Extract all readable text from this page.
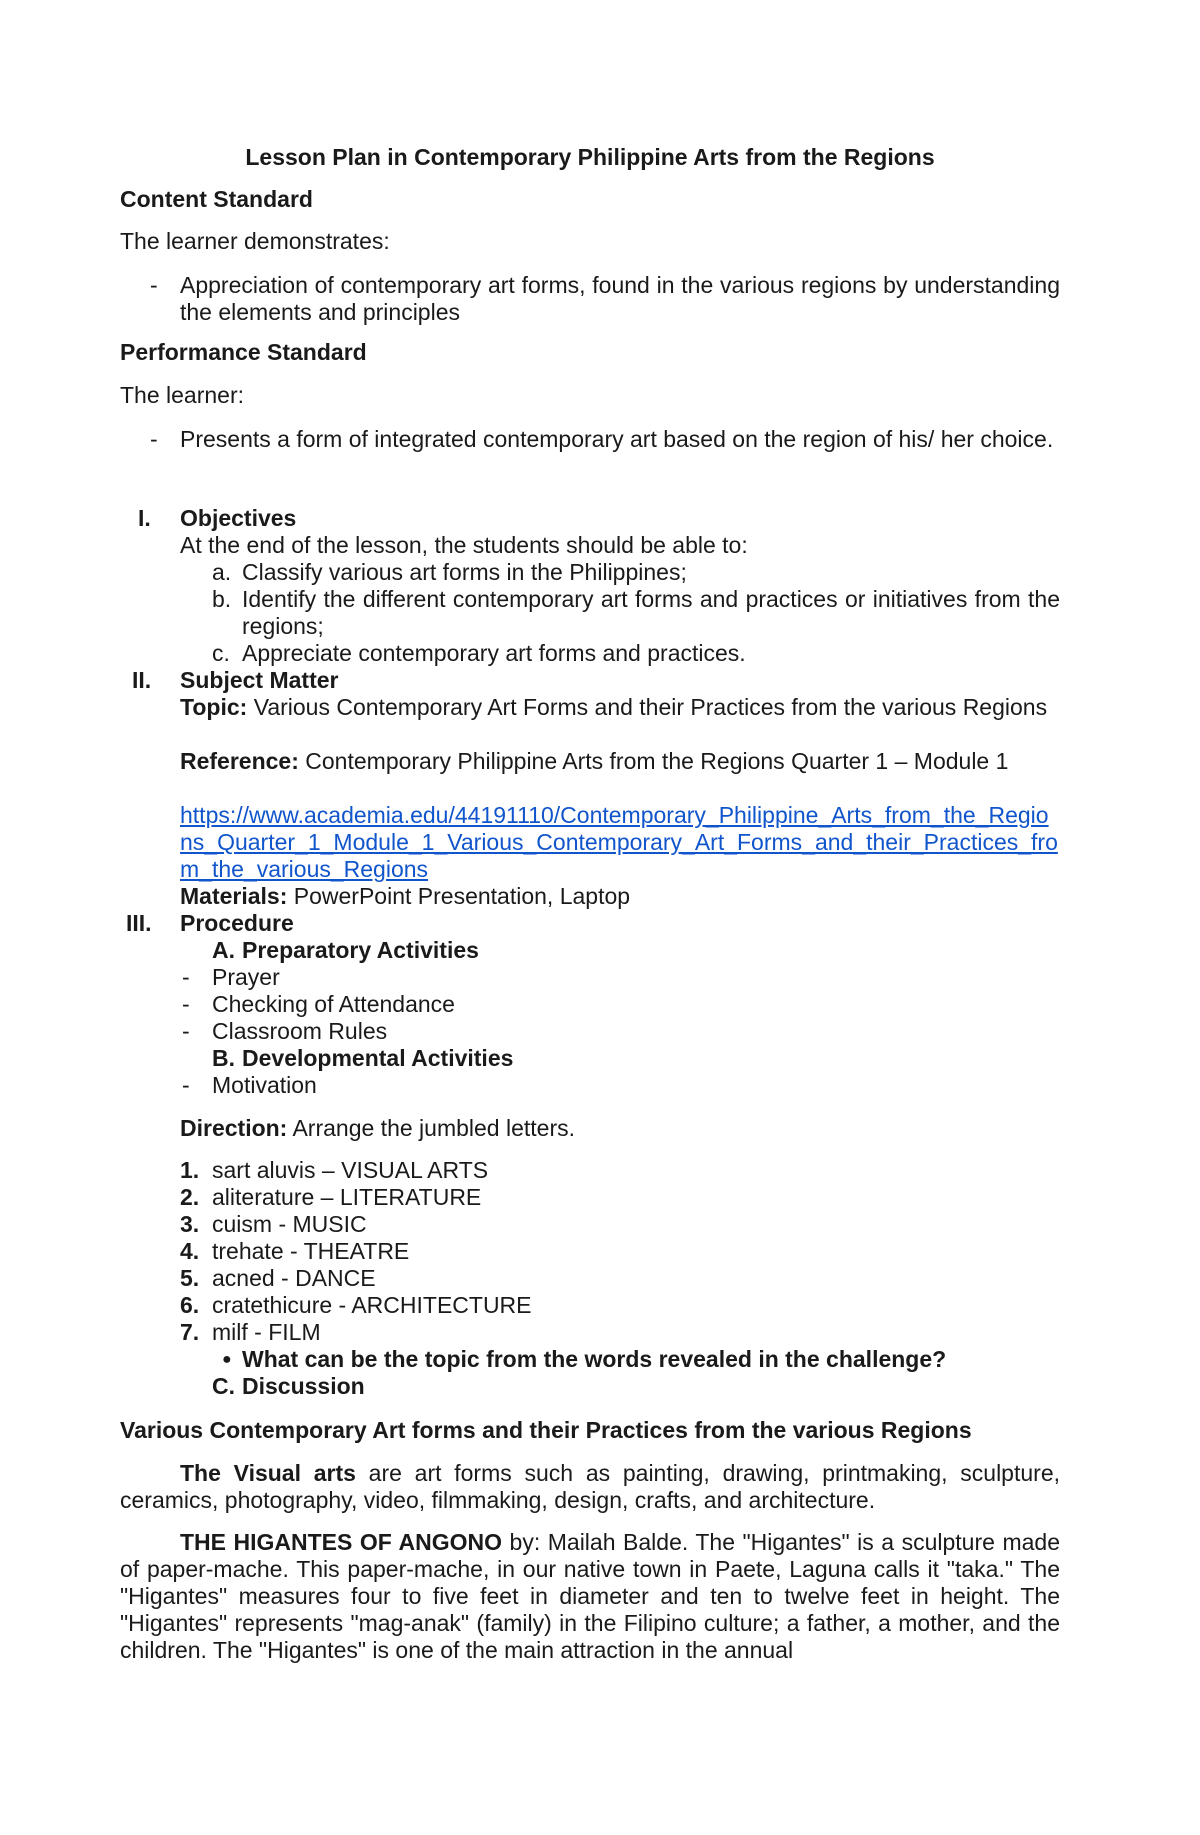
Lesson Plan in Contemporary Philippine Arts from the Regions
Content Standard
The learner demonstrates:
- Appreciation of contemporary art forms, found in the various regions by understanding the elements and principles
Performance Standard
The learner:
- Presents a form of integrated contemporary art based on the region of his/ her choice.
I. Objectives
At the end of the lesson, the students should be able to:
a. Classify various art forms in the Philippines;
b. Identify the different contemporary art forms and practices or initiatives from the regions;
c. Appreciate contemporary art forms and practices.
II. Subject Matter
Topic: Various Contemporary Art Forms and their Practices from the various Regions
Reference: Contemporary Philippine Arts from the Regions Quarter 1 – Module 1
https://www.academia.edu/44191110/Contemporary_Philippine_Arts_from_the_Regions_Quarter_1_Module_1_Various_Contemporary_Art_Forms_and_their_Practices_from_the_various_Regions
Materials: PowerPoint Presentation, Laptop
III. Procedure
A. Preparatory Activities
- Prayer
- Checking of Attendance
- Classroom Rules
B. Developmental Activities
- Motivation
Direction: Arrange the jumbled letters.
1. sart aluvis – VISUAL ARTS
2. aliterature – LITERATURE
3. cuism - MUSIC
4. trehate - THEATRE
5. acned - DANCE
6. cratethicure - ARCHITECTURE
7. milf - FILM
● What can be the topic from the words revealed in the challenge?
C. Discussion
Various Contemporary Art forms and their Practices from the various Regions
The Visual arts are art forms such as painting, drawing, printmaking, sculpture, ceramics, photography, video, filmmaking, design, crafts, and architecture.
THE HIGANTES OF ANGONO by: Mailah Balde. The "Higantes" is a sculpture made of paper-mache. This paper-mache, in our native town in Paete, Laguna calls it "taka." The "Higantes" measures four to five feet in diameter and ten to twelve feet in height. The "Higantes" represents "mag-anak" (family) in the Filipino culture; a father, a mother, and the children. The "Higantes" is one of the main attraction in the annual
